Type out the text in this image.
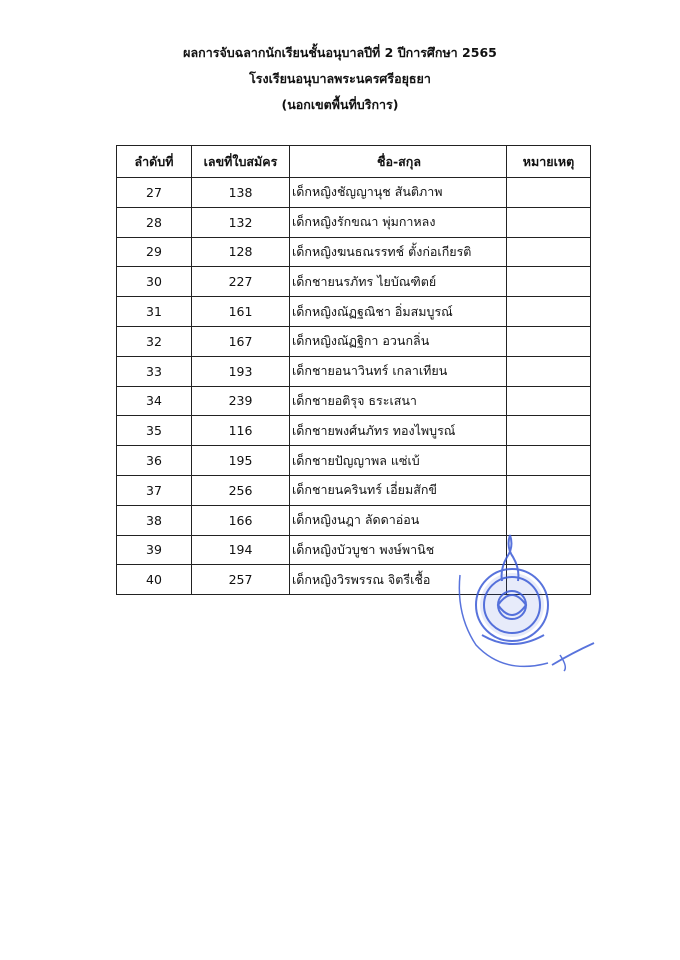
ผลการจับฉลากนักเรียนชั้นอนุบาลปีที่ 2 ปีการศึกษา 2565
โรงเรียนอนุบาลพระนครศรีอยุธยา
(นอกเขตพื้นที่บริการ)
ลำดับที่	เลขที่ใบสมัคร	ชื่อ-สกุล	หมายเหตุ
27	138	เด็กหญิงชัญญานุช สันติภาพ	
28	132	เด็กหญิงรักขณา พุ่มกาหลง	
29	128	เด็กหญิงฆนธณรรทช์ ตั้งก่อเกียรติ	
30	227	เด็กชายนรภัทร ไยบัณฑิตย์	
31	161	เด็กหญิงณัฏฐณิชา อิ่มสมบูรณ์	
32	167	เด็กหญิงณัฏฐิกา อวนกลิ่น	
33	193	เด็กชายอนาวินทร์ เกลาเทียน	
34	239	เด็กชายอติรุจ ธระเสนา	
35	116	เด็กชายพงศ์นภัทร ทองไพบูรณ์	
36	195	เด็กชายปัญญาพล แซ่เบ้	
37	256	เด็กชายนครินทร์ เอี่ยมสักขี	
38	166	เด็กหญิงนฎา ลัดดาอ่อน	
39	194	เด็กหญิงบัวบูชา พงษ์พานิช	
40	257	เด็กหญิงวิรพรรณ จิตรีเชื้อ	
